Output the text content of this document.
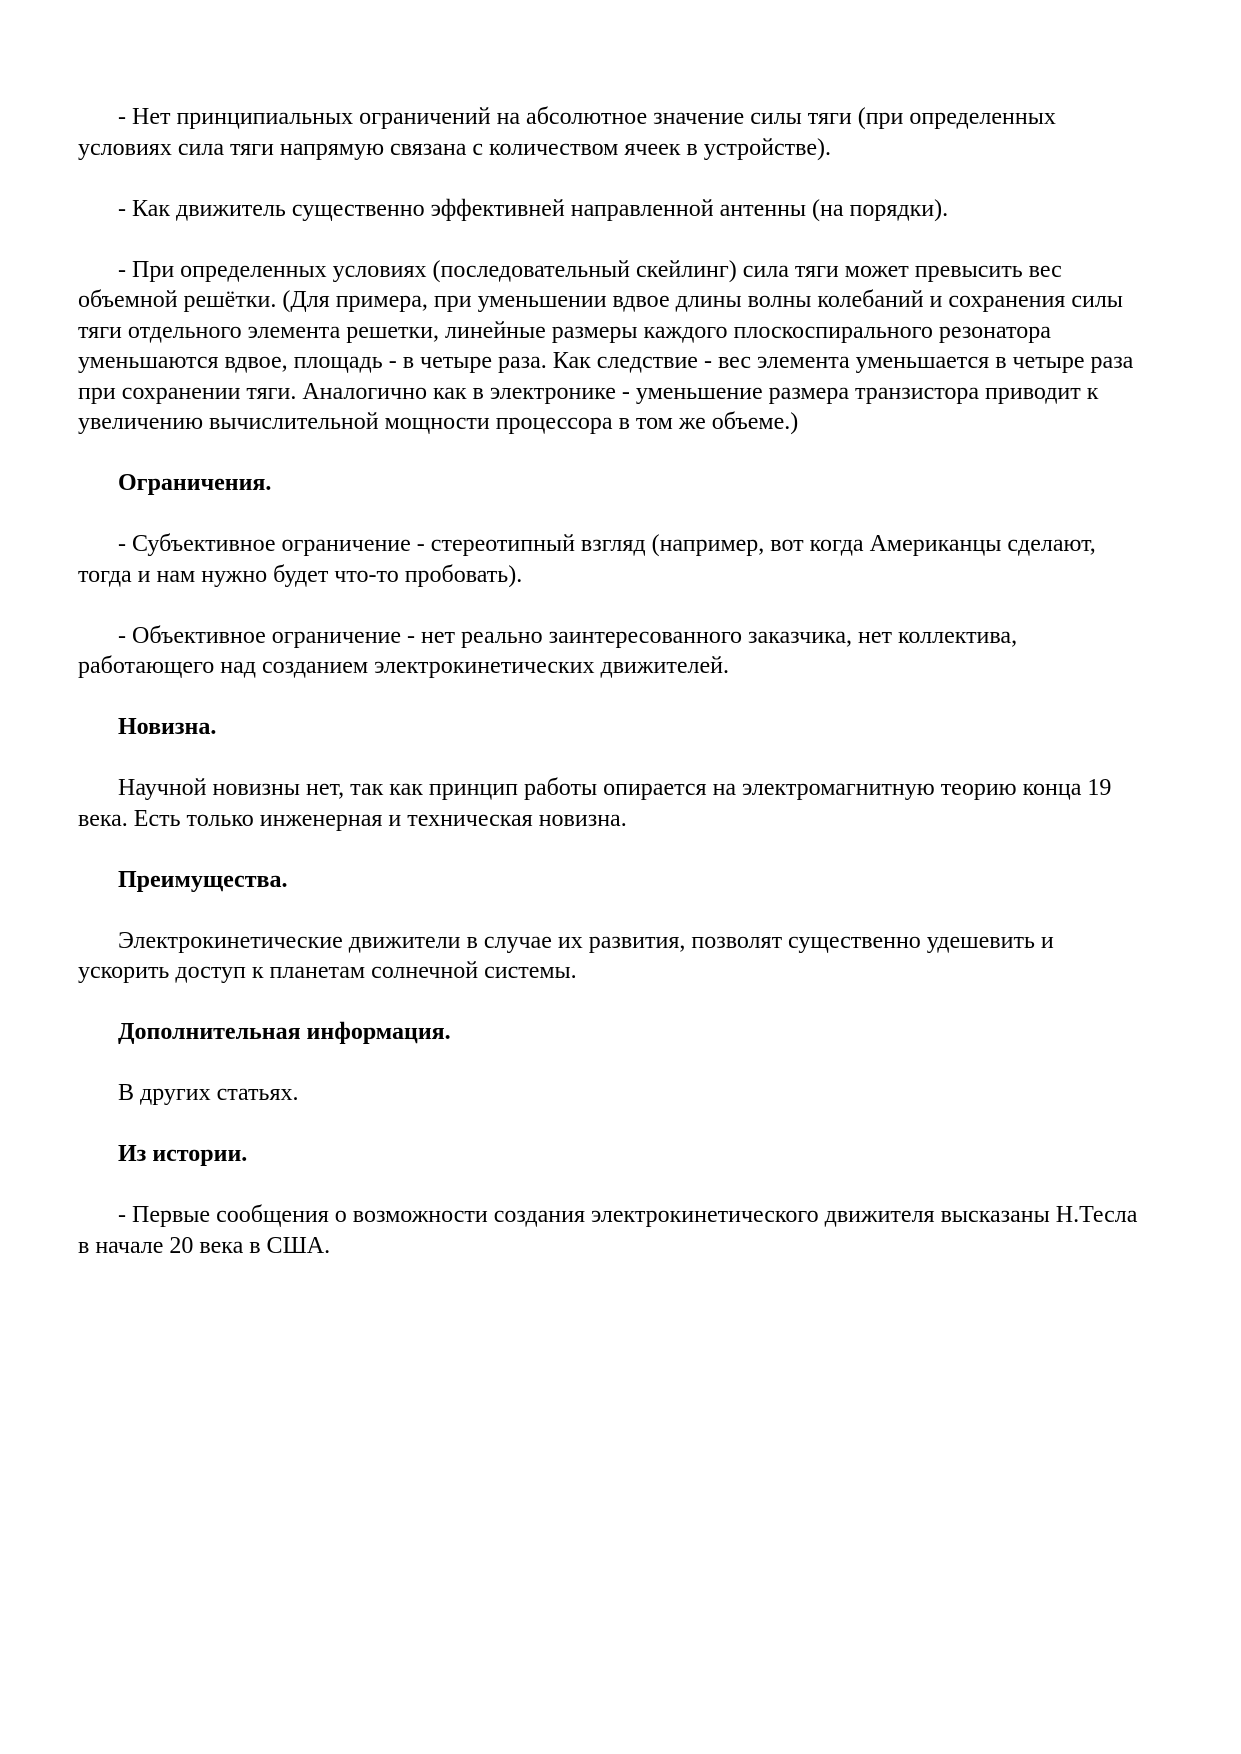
- Нет принципиальных ограничений на абсолютное значение силы тяги (при определенных условиях сила тяги напрямую связана с количеством ячеек в устройстве).

- Как движитель существенно эффективней направленной антенны (на порядки).

- При определенных условиях (последовательный скейлинг) сила тяги может превысить вес объемной решётки. (Для примера, при уменьшении вдвое длины волны колебаний и сохранения силы тяги отдельного элемента решетки, линейные размеры каждого плоскоспирального резонатора уменьшаются вдвое, площадь - в четыре раза. Как следствие - вес элемента уменьшается в четыре раза при сохранении тяги. Аналогично как в электронике - уменьшение размера транзистора приводит к увеличению вычислительной мощности процессора в том же объеме.)

Ограничения.

- Субъективное ограничение - стереотипный взгляд (например, вот когда Американцы сделают, тогда и нам нужно будет что-то пробовать).

- Объективное ограничение - нет реально заинтересованного заказчика, нет коллектива, работающего над созданием электрокинетических движителей.

Новизна.

Научной новизны нет, так как принцип работы опирается на электромагнитную теорию конца 19 века. Есть только инженерная и техническая новизна.

Преимущества.

Электрокинетические движители в случае их развития, позволят существенно удешевить и ускорить доступ к планетам солнечной системы.

Дополнительная информация.

В других статьях.

Из истории.

- Первые сообщения о возможности создания электрокинетического движителя высказаны Н.Тесла в начале 20 века в США.
